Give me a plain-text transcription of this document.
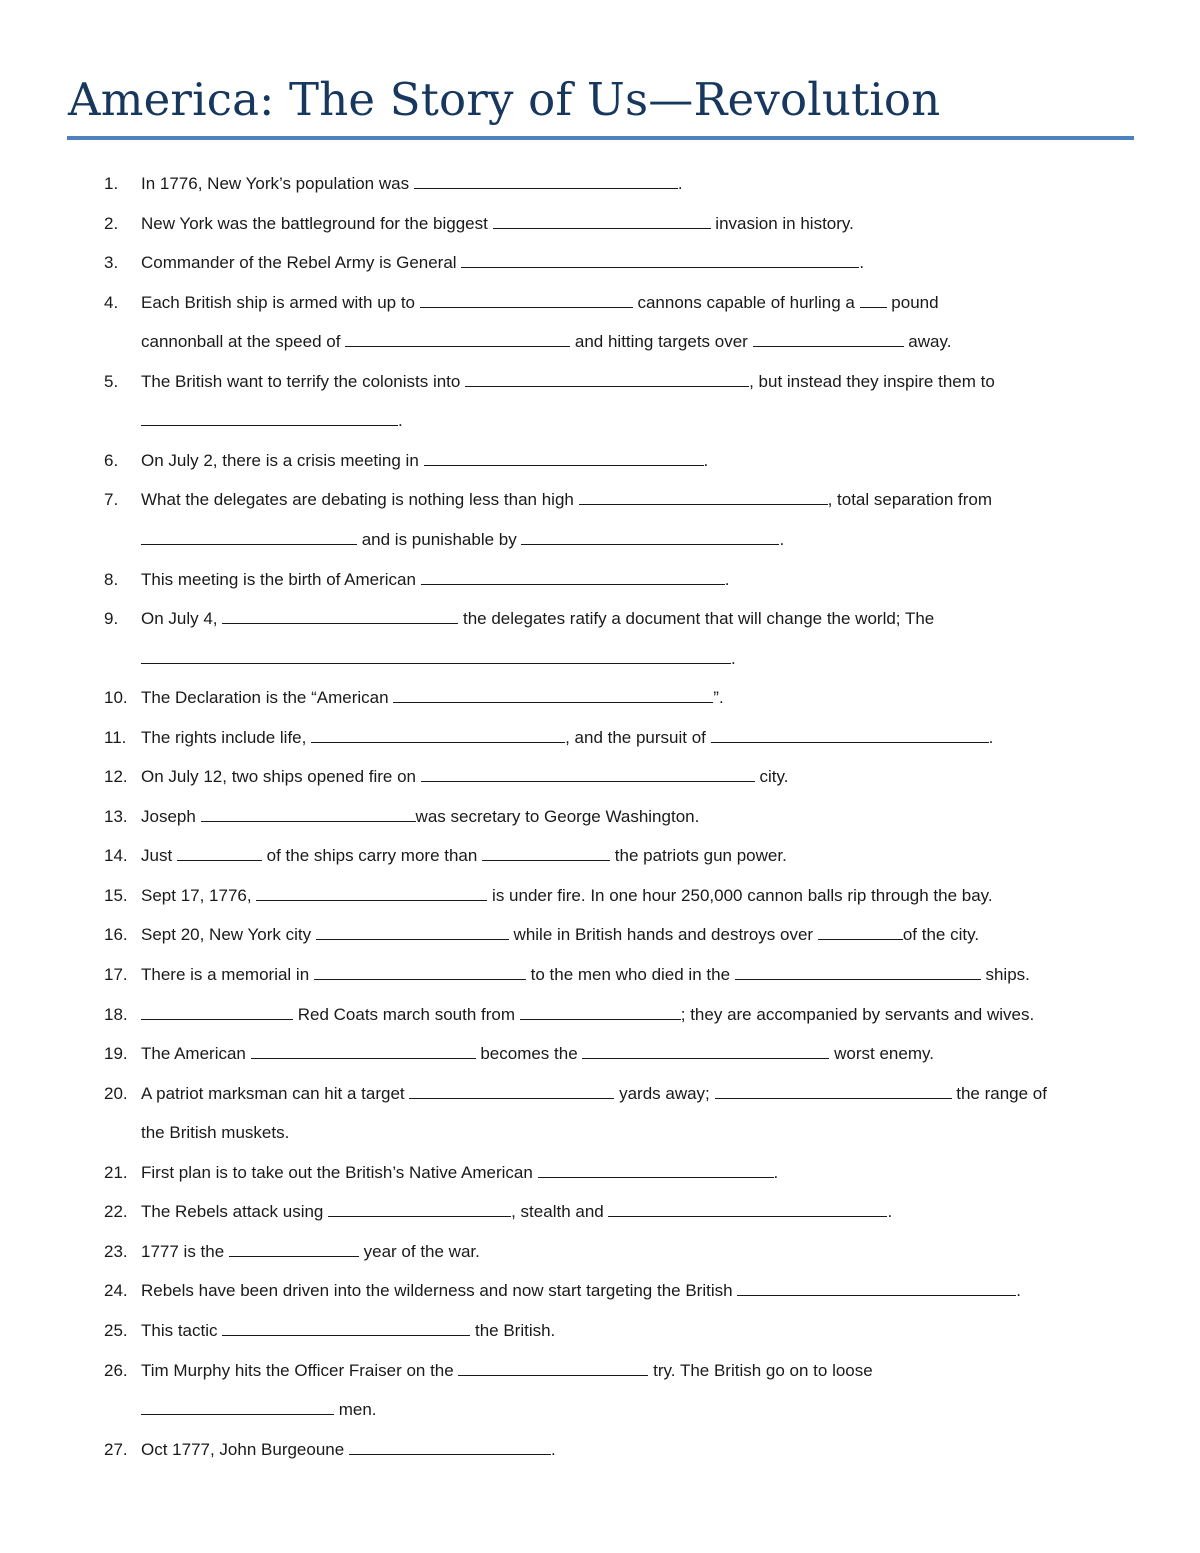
America: The Story of Us—Revolution
1. In 1776, New York’s population was	.
2. New York was the battleground for the biggest	invasion in history.
3. Commander of the Rebel Army is General	.
4. Each British ship is armed with up to	cannons capable of hurling a  pound
cannonball at the speed of	and hitting targets over	away.
5. The British want to terrify the colonists into	, but instead they inspire them to
.
6. On July 2, there is a crisis meeting in	.
7. What the delegates are debating is nothing less than high	, total separation from
and is punishable by	.
8. This meeting is the birth of American	.
9. On July 4,	the delegates ratify a document that will change the world; The
.
10. The Declaration is the “American	”.
11. The rights include life,	, and the pursuit of	.
12. On July 12, two ships opened fire on	city.
13. Joseph	was secretary to George Washington.
14. Just	of the ships carry more than	the patriots gun power.
15. Sept 17, 1776,	is under fire. In one hour 250,000 cannon balls rip through the bay.
16. Sept 20, New York city	while in British hands and destroys over	of the city.
17. There is a memorial in	to the men who died in the	ships.
18.	Red Coats march south from	; they are accompanied by servants and wives.
19. The American	becomes the	worst enemy.
20. A patriot marksman can hit a target	yards away;	the range of
the British muskets.
21. First plan is to take out the British’s Native American	.
22. The Rebels attack using	, stealth and	.
23. 1777 is the	year of the war.
24. Rebels have been driven into the wilderness and now start targeting the British	.
25. This tactic	the British.
26. Tim Murphy hits the Officer Fraiser on the	try. The British go on to loose
men.
27. Oct 1777, John Burgeoune	.
